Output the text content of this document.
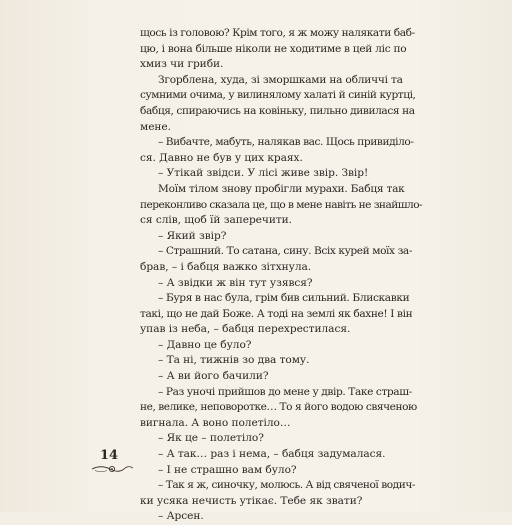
щось із головою? Крім того, я ж можу налякати баб-
цю, і вона більше ніколи не ходитиме в цей ліс по
хмиз чи гриби.
Згорблена, худа, зі зморшками на обличчі та
сумними очима, у вилинялому халаті й синій куртці,
бабця, спираючись на ковіньку, пильно дивилася на
мене.
– Вибачте, мабуть, налякав вас. Щось привиділо-
ся. Давно не був у цих краях.
– Утікай звідси. У лісі живе звір. Звір!
Моїм тілом знову пробігли мурахи. Бабця так
переконливо сказала це, що в мене навіть не знайшло-
ся слів, щоб їй заперечити.
– Який звір?
– Страшний. То сатана, сину. Всіх курей моїх за-
брав, – і бабця важко зітхнула.
– А звідки ж він тут узявся?
– Буря в нас була, грім бив сильний. Блискавки
такі, що не дай Боже. А тоді на землі як бахне! І він
упав із неба, – бабця перехрестилася.
– Давно це було?
– Та ні, тижнів зо два тому.
– А ви його бачили?
– Раз уночі прийшов до мене у двір. Таке страш-
не, велике, неповоротке… То я його водою свяченою
вигнала. А воно полетіло…
– Як це – полетіло?
– А так… раз і нема, – бабця задумалася.
– І не страшно вам було?
– Так я ж, синочку, молюсь. А від свяченої водич-
ки усяка нечисть утікає. Тебе як звати?
– Арсен.
14
